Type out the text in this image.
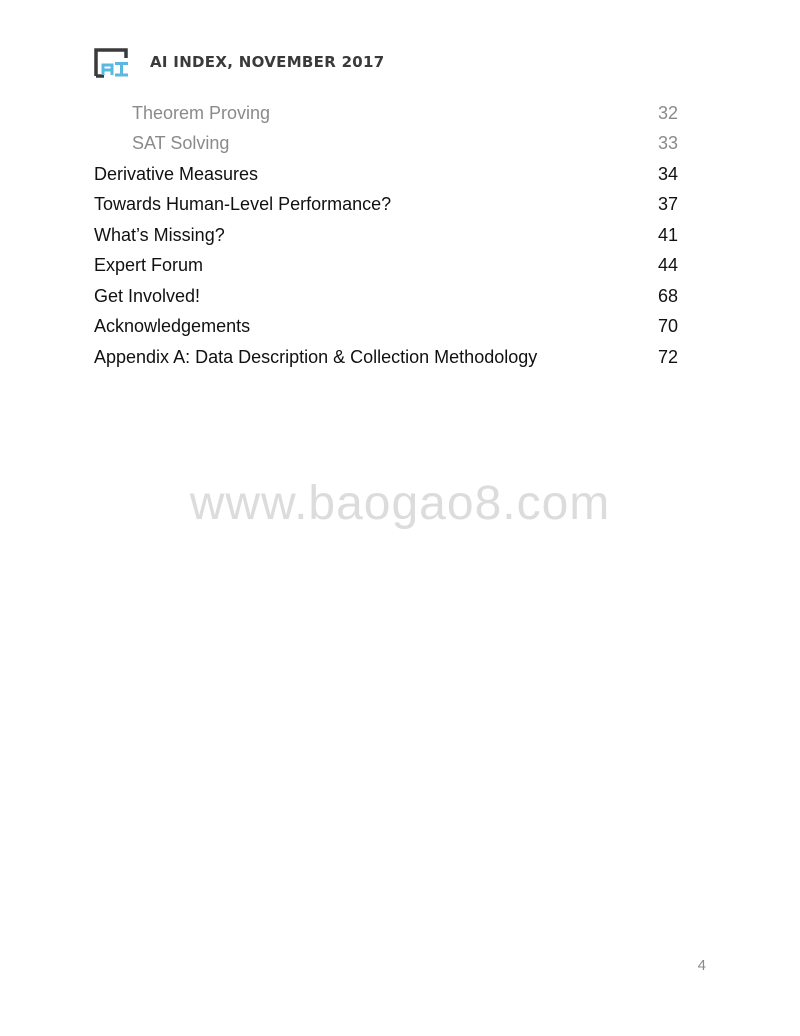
AI INDEX, NOVEMBER 2017
Theorem Proving	32
SAT Solving	33
Derivative Measures	34
Towards Human-Level Performance?	37
What’s Missing?	41
Expert Forum	44
Get Involved!	68
Acknowledgements	70
Appendix A: Data Description & Collection Methodology	72
www.baogao8.com
4
